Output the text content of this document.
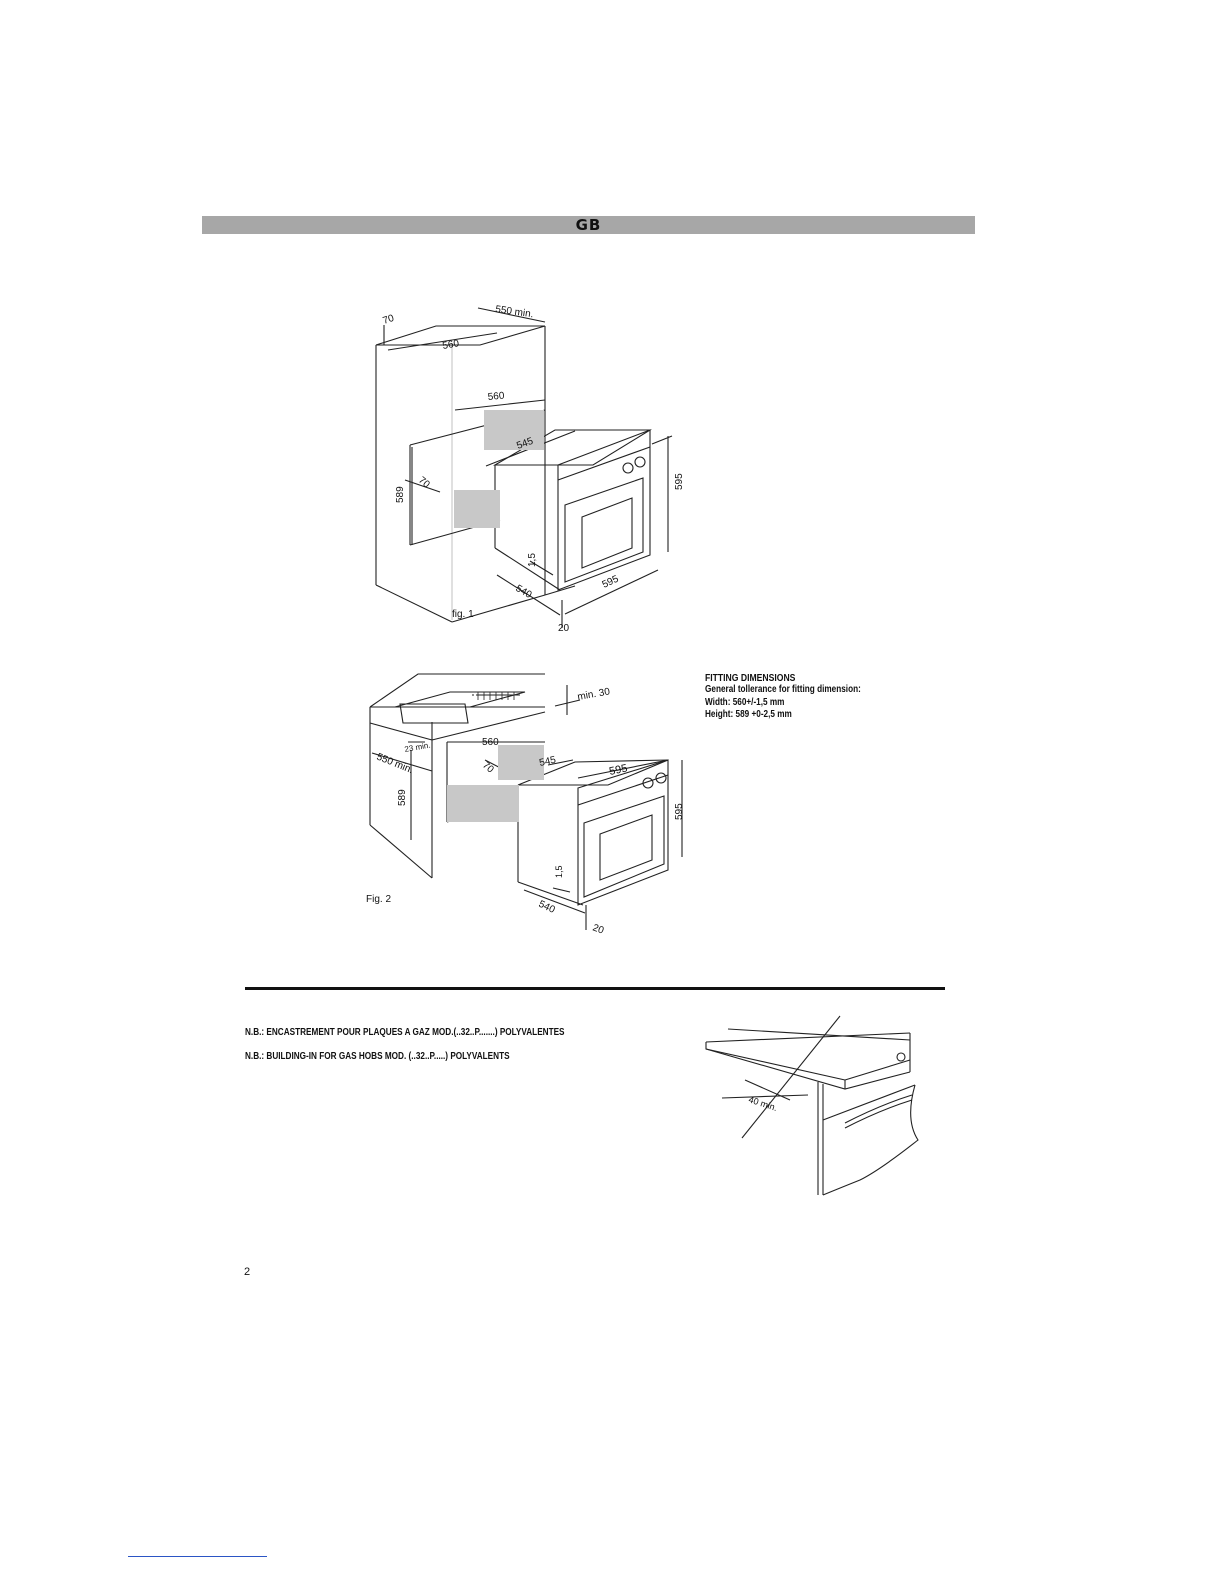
GB
70	550 min.
560
560
545
589
70	595
1,5
540
595
20
fig. 1
min. 30
23 min.	560
550 min.	70	545
595
595
589
1,5
540
20
Fig. 2
FITTING DIMENSIONS
General tollerance for fitting dimension:
Width: 560+/-1,5 mm
Height: 589 +0-2,5 mm
N.B.: ENCASTREMENT POUR PLAQUES A GAZ MOD.(..32..P.......) POLYVALENTES
N.B.: BUILDING-IN FOR GAS HOBS MOD. (..32..P.....) POLYVALENTS
40 min.
2
